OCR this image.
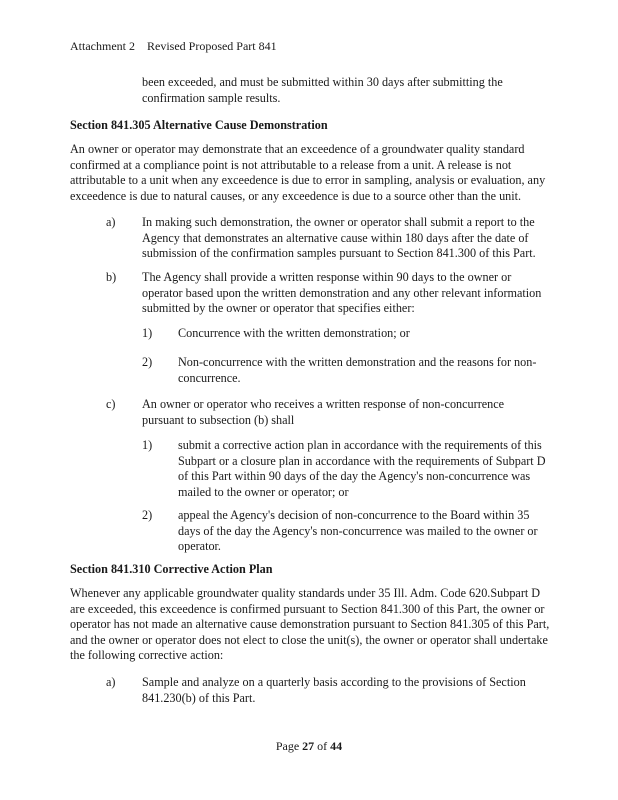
Attachment 2 Revised Proposed Part 841
been exceeded, and must be submitted within 30 days after submitting the confirmation sample results.
Section 841.305 Alternative Cause Demonstration
An owner or operator may demonstrate that an exceedence of a groundwater quality standard confirmed at a compliance point is not attributable to a release from a unit. A release is not attributable to a unit when any exceedence is due to error in sampling, analysis or evaluation, any exceedence is due to natural causes, or any exceedence is due to a source other than the unit.
a) In making such demonstration, the owner or operator shall submit a report to the Agency that demonstrates an alternative cause within 180 days after the date of submission of the confirmation samples pursuant to Section 841.300 of this Part.
b) The Agency shall provide a written response within 90 days to the owner or operator based upon the written demonstration and any other relevant information submitted by the owner or operator that specifies either:
1) Concurrence with the written demonstration; or
2) Non-concurrence with the written demonstration and the reasons for non-concurrence.
c) An owner or operator who receives a written response of non-concurrence pursuant to subsection (b) shall
1) submit a corrective action plan in accordance with the requirements of this Subpart or a closure plan in accordance with the requirements of Subpart D of this Part within 90 days of the day the Agency's non-concurrence was mailed to the owner or operator; or
2) appeal the Agency's decision of non-concurrence to the Board within 35 days of the day the Agency's non-concurrence was mailed to the owner or operator.
Section 841.310 Corrective Action Plan
Whenever any applicable groundwater quality standards under 35 Ill. Adm. Code 620.Subpart D are exceeded, this exceedence is confirmed pursuant to Section 841.300 of this Part, the owner or operator has not made an alternative cause demonstration pursuant to Section 841.305 of this Part, and the owner or operator does not elect to close the unit(s), the owner or operator shall undertake the following corrective action:
a) Sample and analyze on a quarterly basis according to the provisions of Section 841.230(b) of this Part.
Page 27 of 44
